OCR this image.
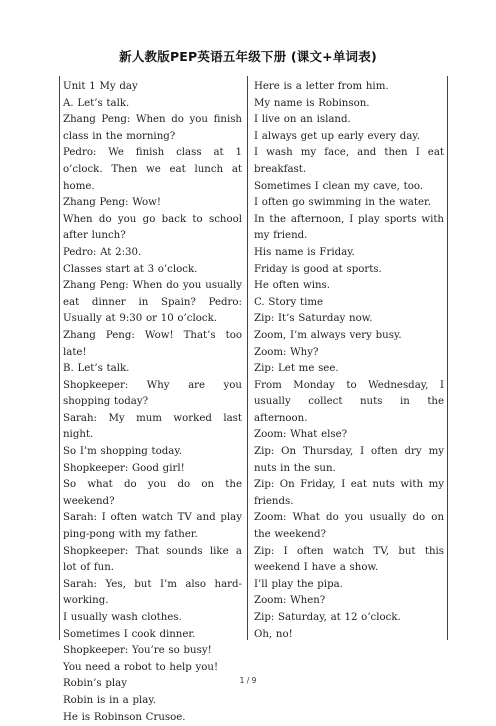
新人教版PEP英语五年级下册 (课文+单词表)
Unit 1 My day
A. Let’s talk.
Zhang Peng: When do you finish class in the morning?
Pedro: We finish class at 1 o’clock. Then we eat lunch at home.
Zhang Peng: Wow!
When do you go back to school after lunch?
Pedro: At 2:30.
Classes start at 3 o’clock.
Zhang Peng: When do you usually eat dinner in Spain? Pedro: Usually at 9:30 or 10 o’clock.
Zhang Peng: Wow! That’s too late!
B. Let’s talk.
Shopkeeper: Why are you shopping today?
Sarah: My mum worked last night.
So I’m shopping today.
Shopkeeper: Good girl!
So what do you do on the weekend?
Sarah: I often watch TV and play ping-pong with my father.
Shopkeeper: That sounds like a lot of fun.
Sarah: Yes, but I’m also hard-working.
I usually wash clothes.
Sometimes I cook dinner.
Shopkeeper: You’re so busy!
You need a robot to help you!
Robin’s play
Robin is in a play.
He is Robinson Crusoe.
Here is a letter from him.
My name is Robinson.
I live on an island.
I always get up early every day.
I wash my face, and then I eat breakfast.
Sometimes I clean my cave, too.
I often go swimming in the water.
In the afternoon, I play sports with my friend.
His name is Friday.
Friday is good at sports.
He often wins.
C. Story time
Zip: It’s Saturday now.
Zoom, I’m always very busy.
Zoom: Why?
Zip: Let me see.
From Monday to Wednesday, I usually collect nuts in the afternoon.
Zoom: What else?
Zip: On Thursday, I often dry my nuts in the sun.
Zip: On Friday, I eat nuts with my friends.
Zoom: What do you usually do on the weekend?
Zip: I often watch TV, but this weekend I have a show.
I’ll play the pipa.
Zoom: When?
Zip: Saturday, at 12 o’clock.
Oh, no!
1 / 9
